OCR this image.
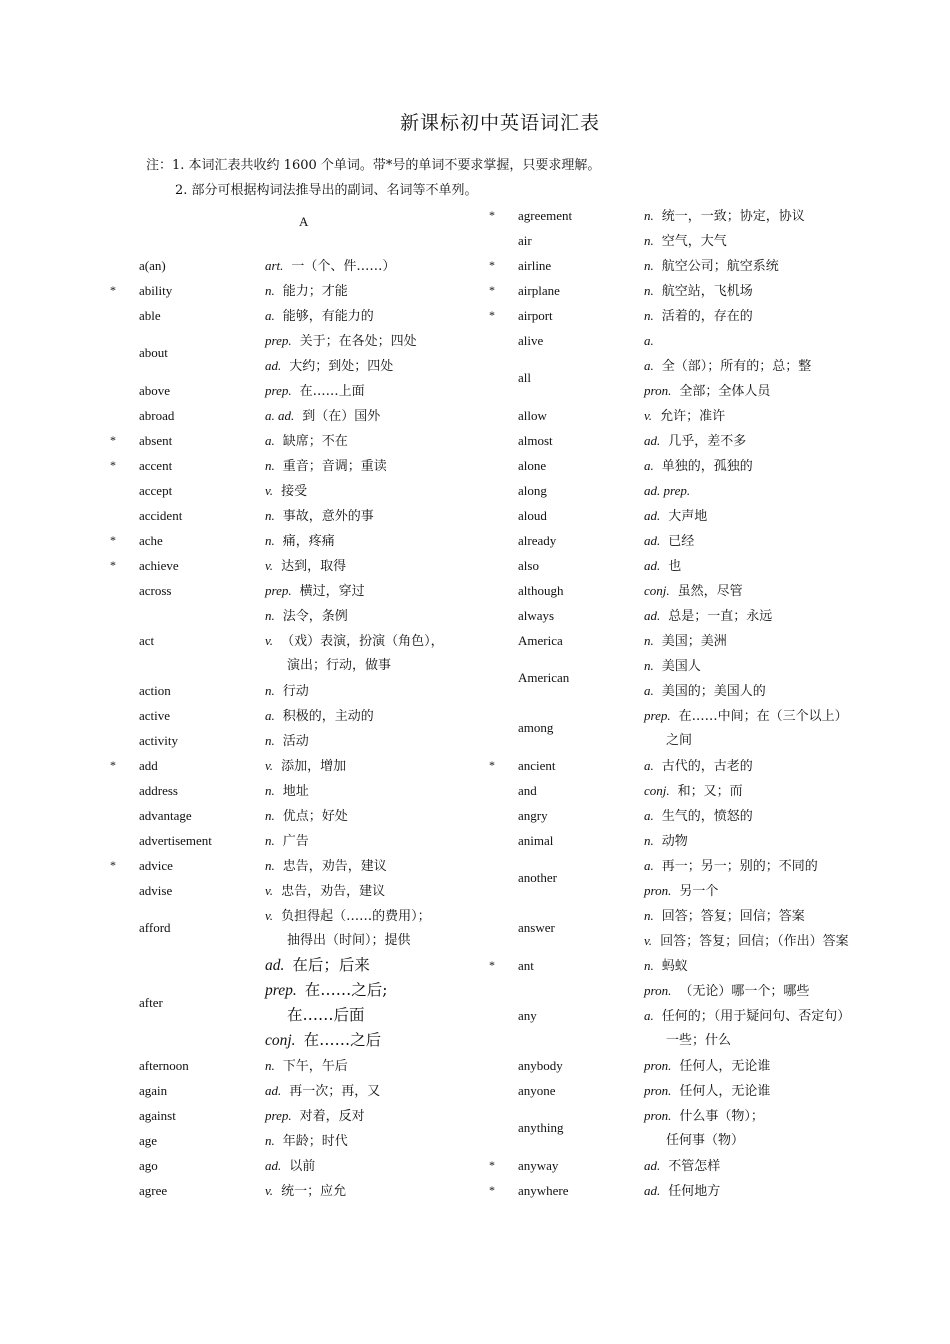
新课标初中英语词汇表
注：1. 本词汇表共收约 1600 个单词。带*号的单词不要求掌握，只要求理解。
2. 部分可根据构词法推导出的副词、名词等不单列。
A
a(an)	art. 一（个、件……）
*	ability	n. 能力；才能
able	a. 能够，有能力的
about
prep. 关于；在各处；四处
ad. 大约；到处；四处
above	prep. 在……上面
abroad	a. ad. 到（在）国外
*	absent	a. 缺席；不在
*	accent	n. 重音；音调；重读
accept	v. 接受
accident	n. 事故，意外的事
*	ache	n. 痛，疼痛
*	achieve	v. 达到，取得
across	prep. 横过，穿过
act
n. 法令，条例
v. （戏）表演，扮演（角色），
演出；行动，做事
action	n. 行动
active	a. 积极的，主动的
activity	n. 活动
*	add	v. 添加，增加
address	n. 地址
advantage	n. 优点；好处
advertisement	n. 广告
*	advice	n. 忠告，劝告，建议
advise	v. 忠告，劝告，建议
afford
v. 负担得起（……的费用）；
抽得出（时间）；提供
after
ad. 在后；后来
prep. 在……之后;
在……后面
conj. 在……之后
afternoon	n. 下午，午后
again	ad. 再一次；再，又
against	prep. 对着，反对
age	n. 年龄；时代
ago	ad. 以前
agree	v. 统一；应允
*	agreement	n. 统一，一致；协定，协议
air	n. 空气，大气
*	airline	n. 航空公司；航空系统
*	airplane	n. 航空站，飞机场
*	airport	n. 活着的，存在的
alive	a.
all
a. 全（部）；所有的；总；整
pron. 全部；全体人员
allow	v. 允许；准许
almost	ad. 几乎，差不多
alone	a. 单独的，孤独的
along	ad. prep.
aloud	ad. 大声地
already	ad. 已经
also	ad. 也
although	conj. 虽然，尽管
always	ad. 总是；一直；永远
America	n. 美国；美洲
American
n. 美国人
a. 美国的；美国人的
among
prep. 在……中间；在（三个以上）
之间
*	ancient	a. 古代的，古老的
and	conj. 和；又；而
angry	a. 生气的，愤怒的
animal	n. 动物
another
a. 再一；另一；别的；不同的
pron. 另一个
answer
n. 回答；答复；回信；答案
v. 回答；答复；回信；（作出）答案
*	ant	n. 蚂蚁
any
pron. （无论）哪一个；哪些
a. 任何的；（用于疑问句、否定句）
一些；什么
anybody	pron. 任何人，无论谁
anyone	pron. 任何人，无论谁
anything
pron. 什么事（物）；
任何事（物）
*	anyway	ad. 不管怎样
*	anywhere	ad. 任何地方
